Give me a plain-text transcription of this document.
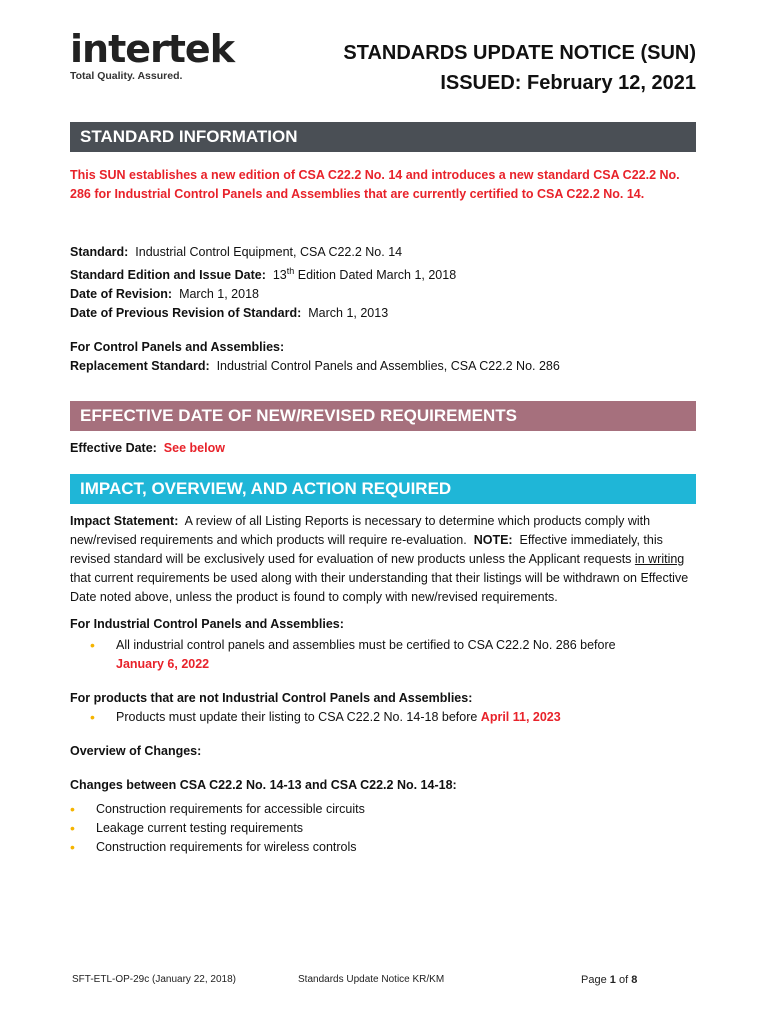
intertek
Total Quality. Assured.
STANDARDS UPDATE NOTICE (SUN)
ISSUED: February 12, 2021
STANDARD INFORMATION
This SUN establishes a new edition of CSA C22.2 No. 14 and introduces a new standard CSA C22.2 No. 286 for Industrial Control Panels and Assemblies that are currently certified to CSA C22.2 No. 14.
Standard: Industrial Control Equipment, CSA C22.2 No. 14
Standard Edition and Issue Date: 13th Edition Dated March 1, 2018
Date of Revision: March 1, 2018
Date of Previous Revision of Standard: March 1, 2013
For Control Panels and Assemblies:
Replacement Standard: Industrial Control Panels and Assemblies, CSA C22.2 No. 286
EFFECTIVE DATE OF NEW/REVISED REQUIREMENTS
Effective Date: See below
IMPACT, OVERVIEW, AND ACTION REQUIRED
Impact Statement: A review of all Listing Reports is necessary to determine which products comply with new/revised requirements and which products will require re-evaluation. NOTE: Effective immediately, this revised standard will be exclusively used for evaluation of new products unless the Applicant requests in writing that current requirements be used along with their understanding that their listings will be withdrawn on Effective Date noted above, unless the product is found to comply with new/revised requirements.
For Industrial Control Panels and Assemblies:
• All industrial control panels and assemblies must be certified to CSA C22.2 No. 286 before
January 6, 2022
For products that are not Industrial Control Panels and Assemblies:
• Products must update their listing to CSA C22.2 No. 14-18 before April 11, 2023
Overview of Changes:
Changes between CSA C22.2 No. 14-13 and CSA C22.2 No. 14-18:
• Construction requirements for accessible circuits
• Leakage current testing requirements
• Construction requirements for wireless controls
SFT-ETL-OP-29c (January 22, 2018)	Standards Update Notice KR/KM	Page 1 of 8
